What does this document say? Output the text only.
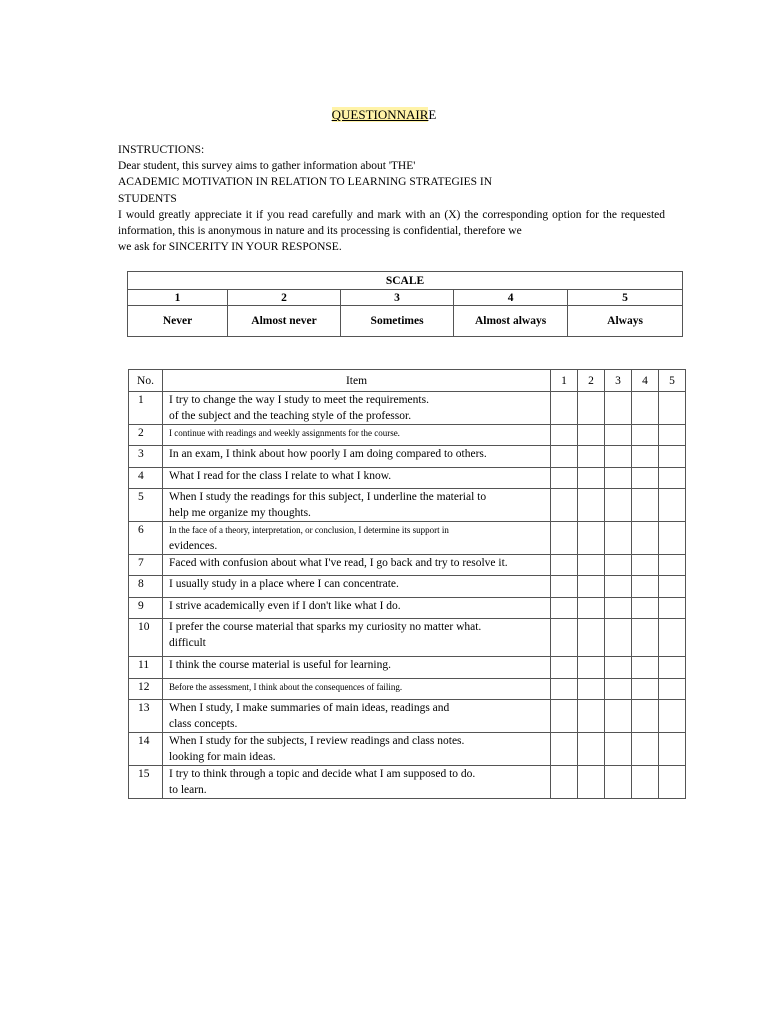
QUESTIONNAIRE
INSTRUCTIONS:
Dear student, this survey aims to gather information about 'THE'
ACADEMIC MOTIVATION IN RELATION TO LEARNING STRATEGIES IN
STUDENTS
I would greatly appreciate it if you read carefully and mark with an (X) the corresponding option for the requested information, this is anonymous in nature and its processing is confidential, therefore we
we ask for SINCERITY IN YOUR RESPONSE.
SCALE				
1	2	3	4	5
Never	Almost never	Sometimes	Almost always	Always
No.	Item	1	2	3	4	5
1	I try to change the way I study to meet the requirements.
of the subject and the teaching style of the professor.					

2	I continue with readings and weekly assignments for the course.					

3	In an exam, I think about how poorly I am doing compared to others.					

4	What I read for the class I relate to what I know.					

5	When I study the readings for this subject, I underline the material to
help me organize my thoughts.					

6	In the face of a theory, interpretation, or conclusion, I determine its support in
evidences.					

7	Faced with confusion about what I've read, I go back and try to resolve it.					

8	I usually study in a place where I can concentrate.					

9	I strive academically even if I don't like what I do.					

10	I prefer the course material that sparks my curiosity no matter what.
difficult					

11	I think the course material is useful for learning.					

12	Before the assessment, I think about the consequences of failing.					

13	When I study, I make summaries of main ideas, readings and
class concepts.					

14	When I study for the subjects, I review readings and class notes.
looking for main ideas.					

15	I try to think through a topic and decide what I am supposed to do.
to learn.					
